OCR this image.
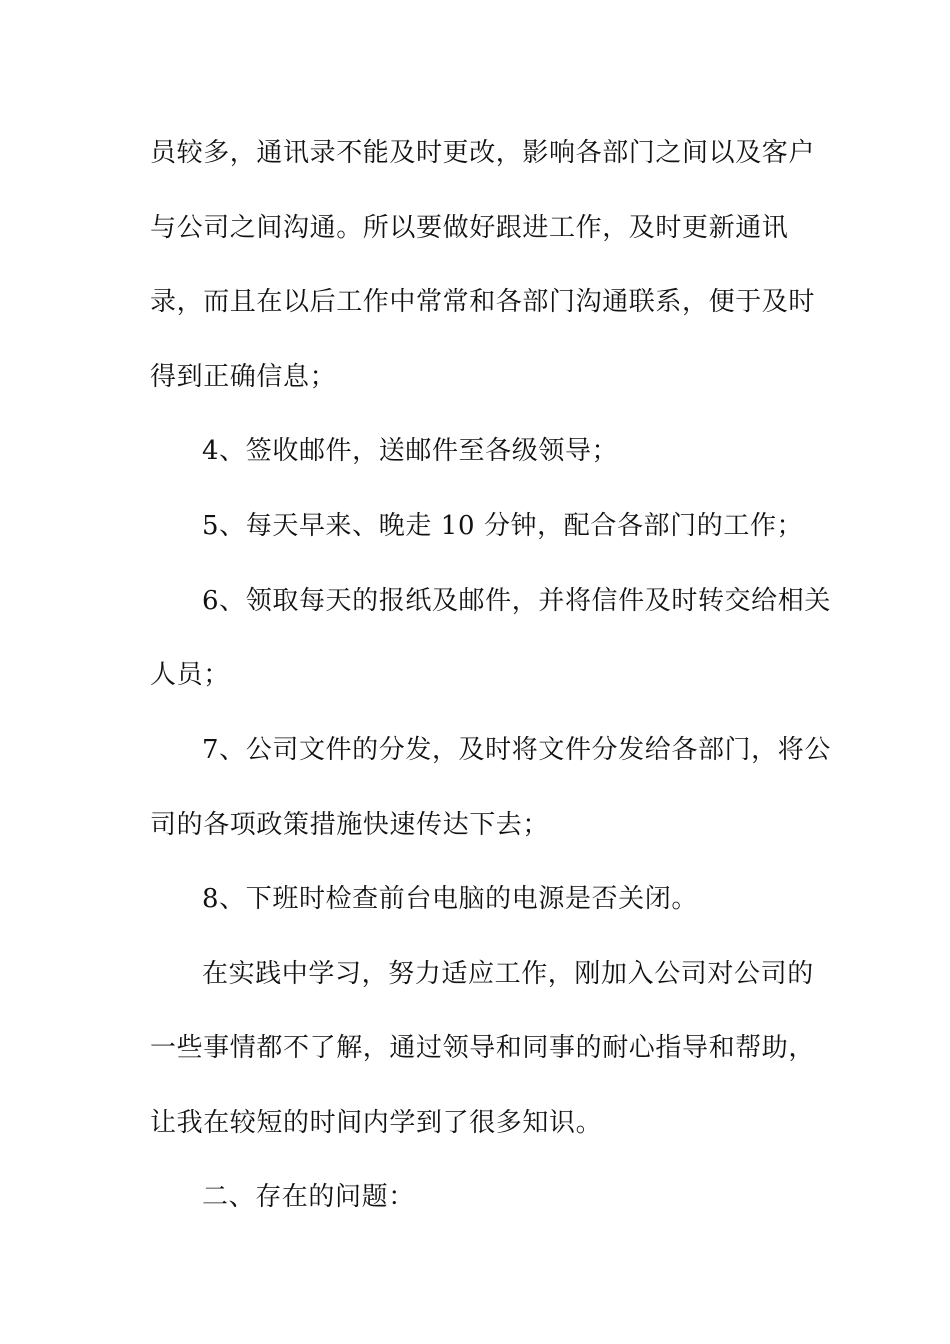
员较多，通讯录不能及时更改，影响各部门之间以及客户
与公司之间沟通。所以要做好跟进工作，及时更新通讯
录，而且在以后工作中常常和各部门沟通联系，便于及时
得到正确信息；
4、签收邮件，送邮件至各级领导；
5、每天早来、晚走 10 分钟，配合各部门的工作；
6、领取每天的报纸及邮件，并将信件及时转交给相关
人员；
7、公司文件的分发，及时将文件分发给各部门，将公
司的各项政策措施快速传达下去；
8、下班时检查前台电脑的电源是否关闭。
在实践中学习，努力适应工作，刚加入公司对公司的
一些事情都不了解，通过领导和同事的耐心指导和帮助，
让我在较短的时间内学到了很多知识。
二、存在的问题：
